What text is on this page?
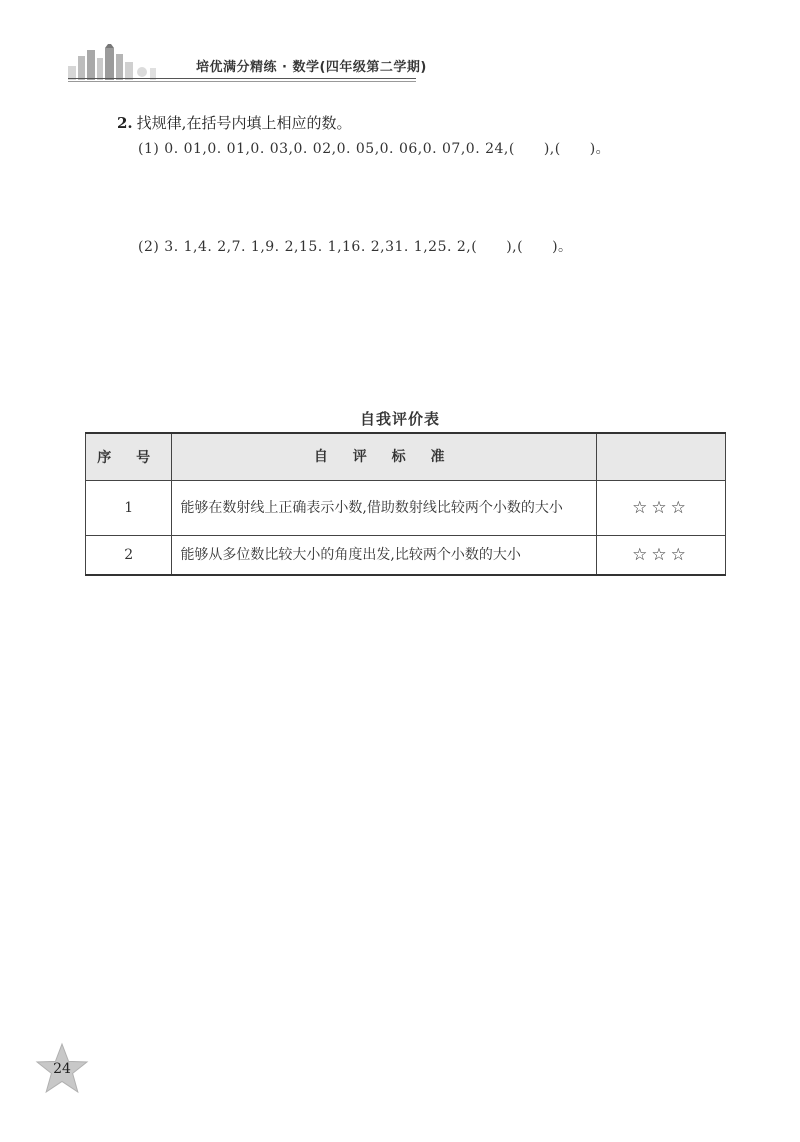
培优满分精练 · 数学(四年级第二学期)
2. 找规律,在括号内填上相应的数。
(1) 0. 01,0. 01,0. 03,0. 02,0. 05,0. 06,0. 07,0. 24,(　　),(　　)。
(2) 3. 1,4. 2,7. 1,9. 2,15. 1,16. 2,31. 1,25. 2,(　　),(　　)。
自我评价表
序 号	自 评 标 准	
1	能够在数射线上正确表示小数,借助数射线比较两个小数的大小	☆☆☆
2	能够从多位数比较大小的角度出发,比较两个小数的大小	☆☆☆
24
